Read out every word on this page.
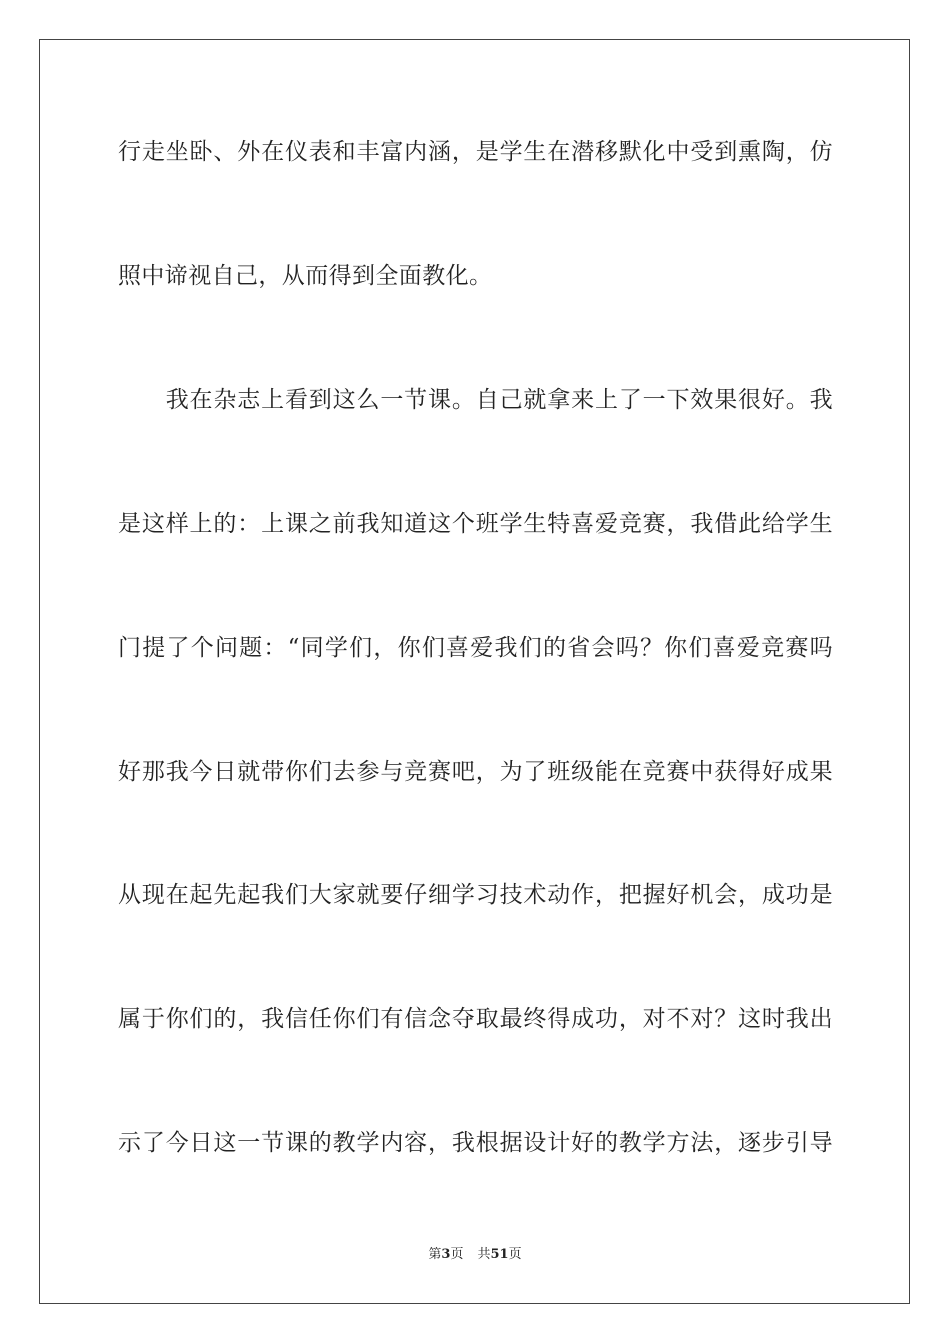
行走坐卧、外在仪表和丰富内涵，是学生在潜移默化中受到熏陶，仿
照中谛视自己，从而得到全面教化。
　　我在杂志上看到这么一节课。自己就拿来上了一下效果很好。我
是这样上的：上课之前我知道这个班学生特喜爱竞赛，我借此给学生
门提了个问题：“同学们，你们喜爱我们的省会吗？你们喜爱竞赛吗
好那我今日就带你们去参与竞赛吧，为了班级能在竞赛中获得好成果
从现在起先起我们大家就要仔细学习技术动作，把握好机会，成功是
属于你们的，我信任你们有信念夺取最终得成功，对不对？这时我出
示了今日这一节课的教学内容，我根据设计好的教学方法，逐步引导
第3页 共51页
